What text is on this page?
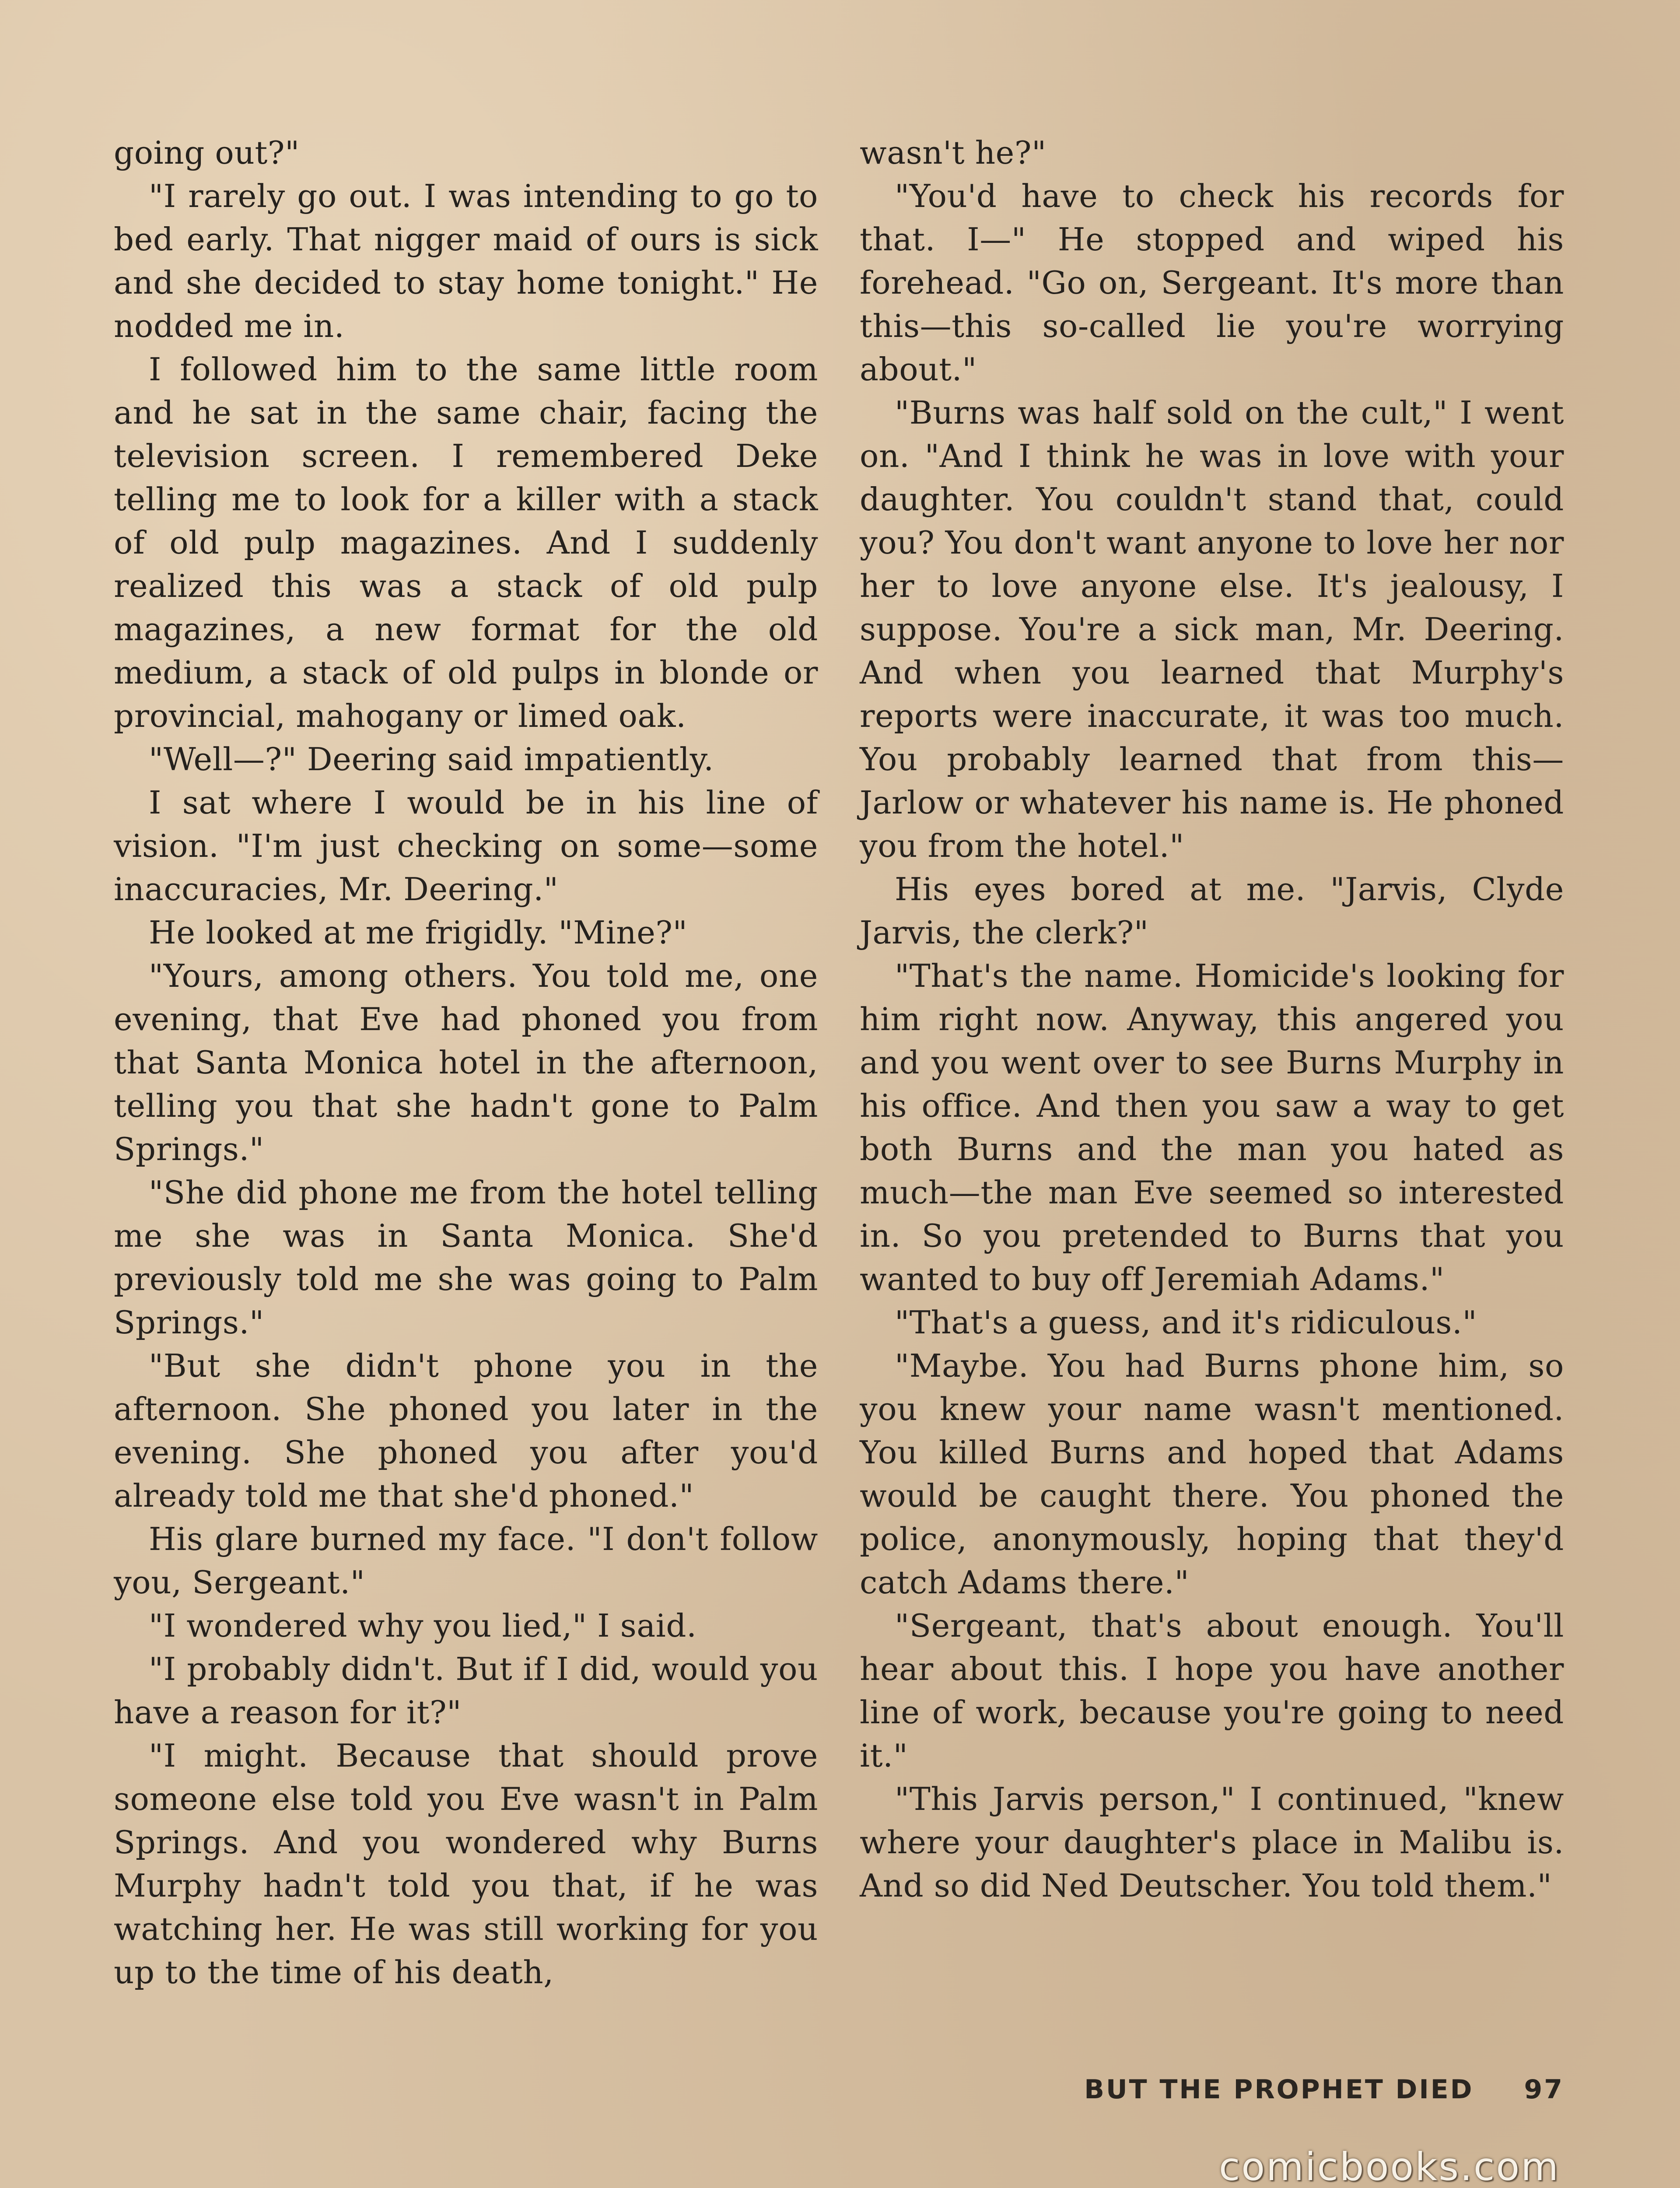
going out?"

"I rarely go out. I was intending to go to bed early. That nigger maid of ours is sick and she decided to stay home tonight." He nodded me in.

I followed him to the same little room and he sat in the same chair, facing the television screen. I remembered Deke telling me to look for a killer with a stack of old pulp magazines. And I suddenly realized this was a stack of old pulp magazines, a new format for the old medium, a stack of old pulps in blonde or provincial, mahogany or limed oak.

"Well—?" Deering said impatiently.

I sat where I would be in his line of vision. "I'm just checking on some—some inaccuracies, Mr. Deering."

He looked at me frigidly. "Mine?"

"Yours, among others. You told me, one evening, that Eve had phoned you from that Santa Monica hotel in the afternoon, telling you that she hadn't gone to Palm Springs."

"She did phone me from the hotel telling me she was in Santa Monica. She'd previously told me she was going to Palm Springs."

"But she didn't phone you in the afternoon. She phoned you later in the evening. She phoned you after you'd already told me that she'd phoned."

His glare burned my face. "I don't follow you, Sergeant."

"I wondered why you lied," I said.

"I probably didn't. But if I did, would you have a reason for it?"

"I might. Because that should prove someone else told you Eve wasn't in Palm Springs. And you wondered why Burns Murphy hadn't told you that, if he was watching her. He was still working for you up to the time of his death,

wasn't he?"

"You'd have to check his records for that. I—" He stopped and wiped his forehead. "Go on, Sergeant. It's more than this—this so-called lie you're worrying about."

"Burns was half sold on the cult," I went on. "And I think he was in love with your daughter. You couldn't stand that, could you? You don't want anyone to love her nor her to love anyone else. It's jealousy, I suppose. You're a sick man, Mr. Deering. And when you learned that Murphy's reports were inaccurate, it was too much. You probably learned that from this—Jarlow or whatever his name is. He phoned you from the hotel."

His eyes bored at me. "Jarvis, Clyde Jarvis, the clerk?"

"That's the name. Homicide's looking for him right now. Anyway, this angered you and you went over to see Burns Murphy in his office. And then you saw a way to get both Burns and the man you hated as much—the man Eve seemed so interested in. So you pretended to Burns that you wanted to buy off Jeremiah Adams."

"That's a guess, and it's ridiculous."

"Maybe. You had Burns phone him, so you knew your name wasn't mentioned. You killed Burns and hoped that Adams would be caught there. You phoned the police, anonymously, hoping that they'd catch Adams there."

"Sergeant, that's about enough. You'll hear about this. I hope you have another line of work, because you're going to need it."

"This Jarvis person," I continued, "knew where your daughter's place in Malibu is. And so did Ned Deutscher. You told them."

BUT THE PROPHET DIED 97
comicbooks.com
